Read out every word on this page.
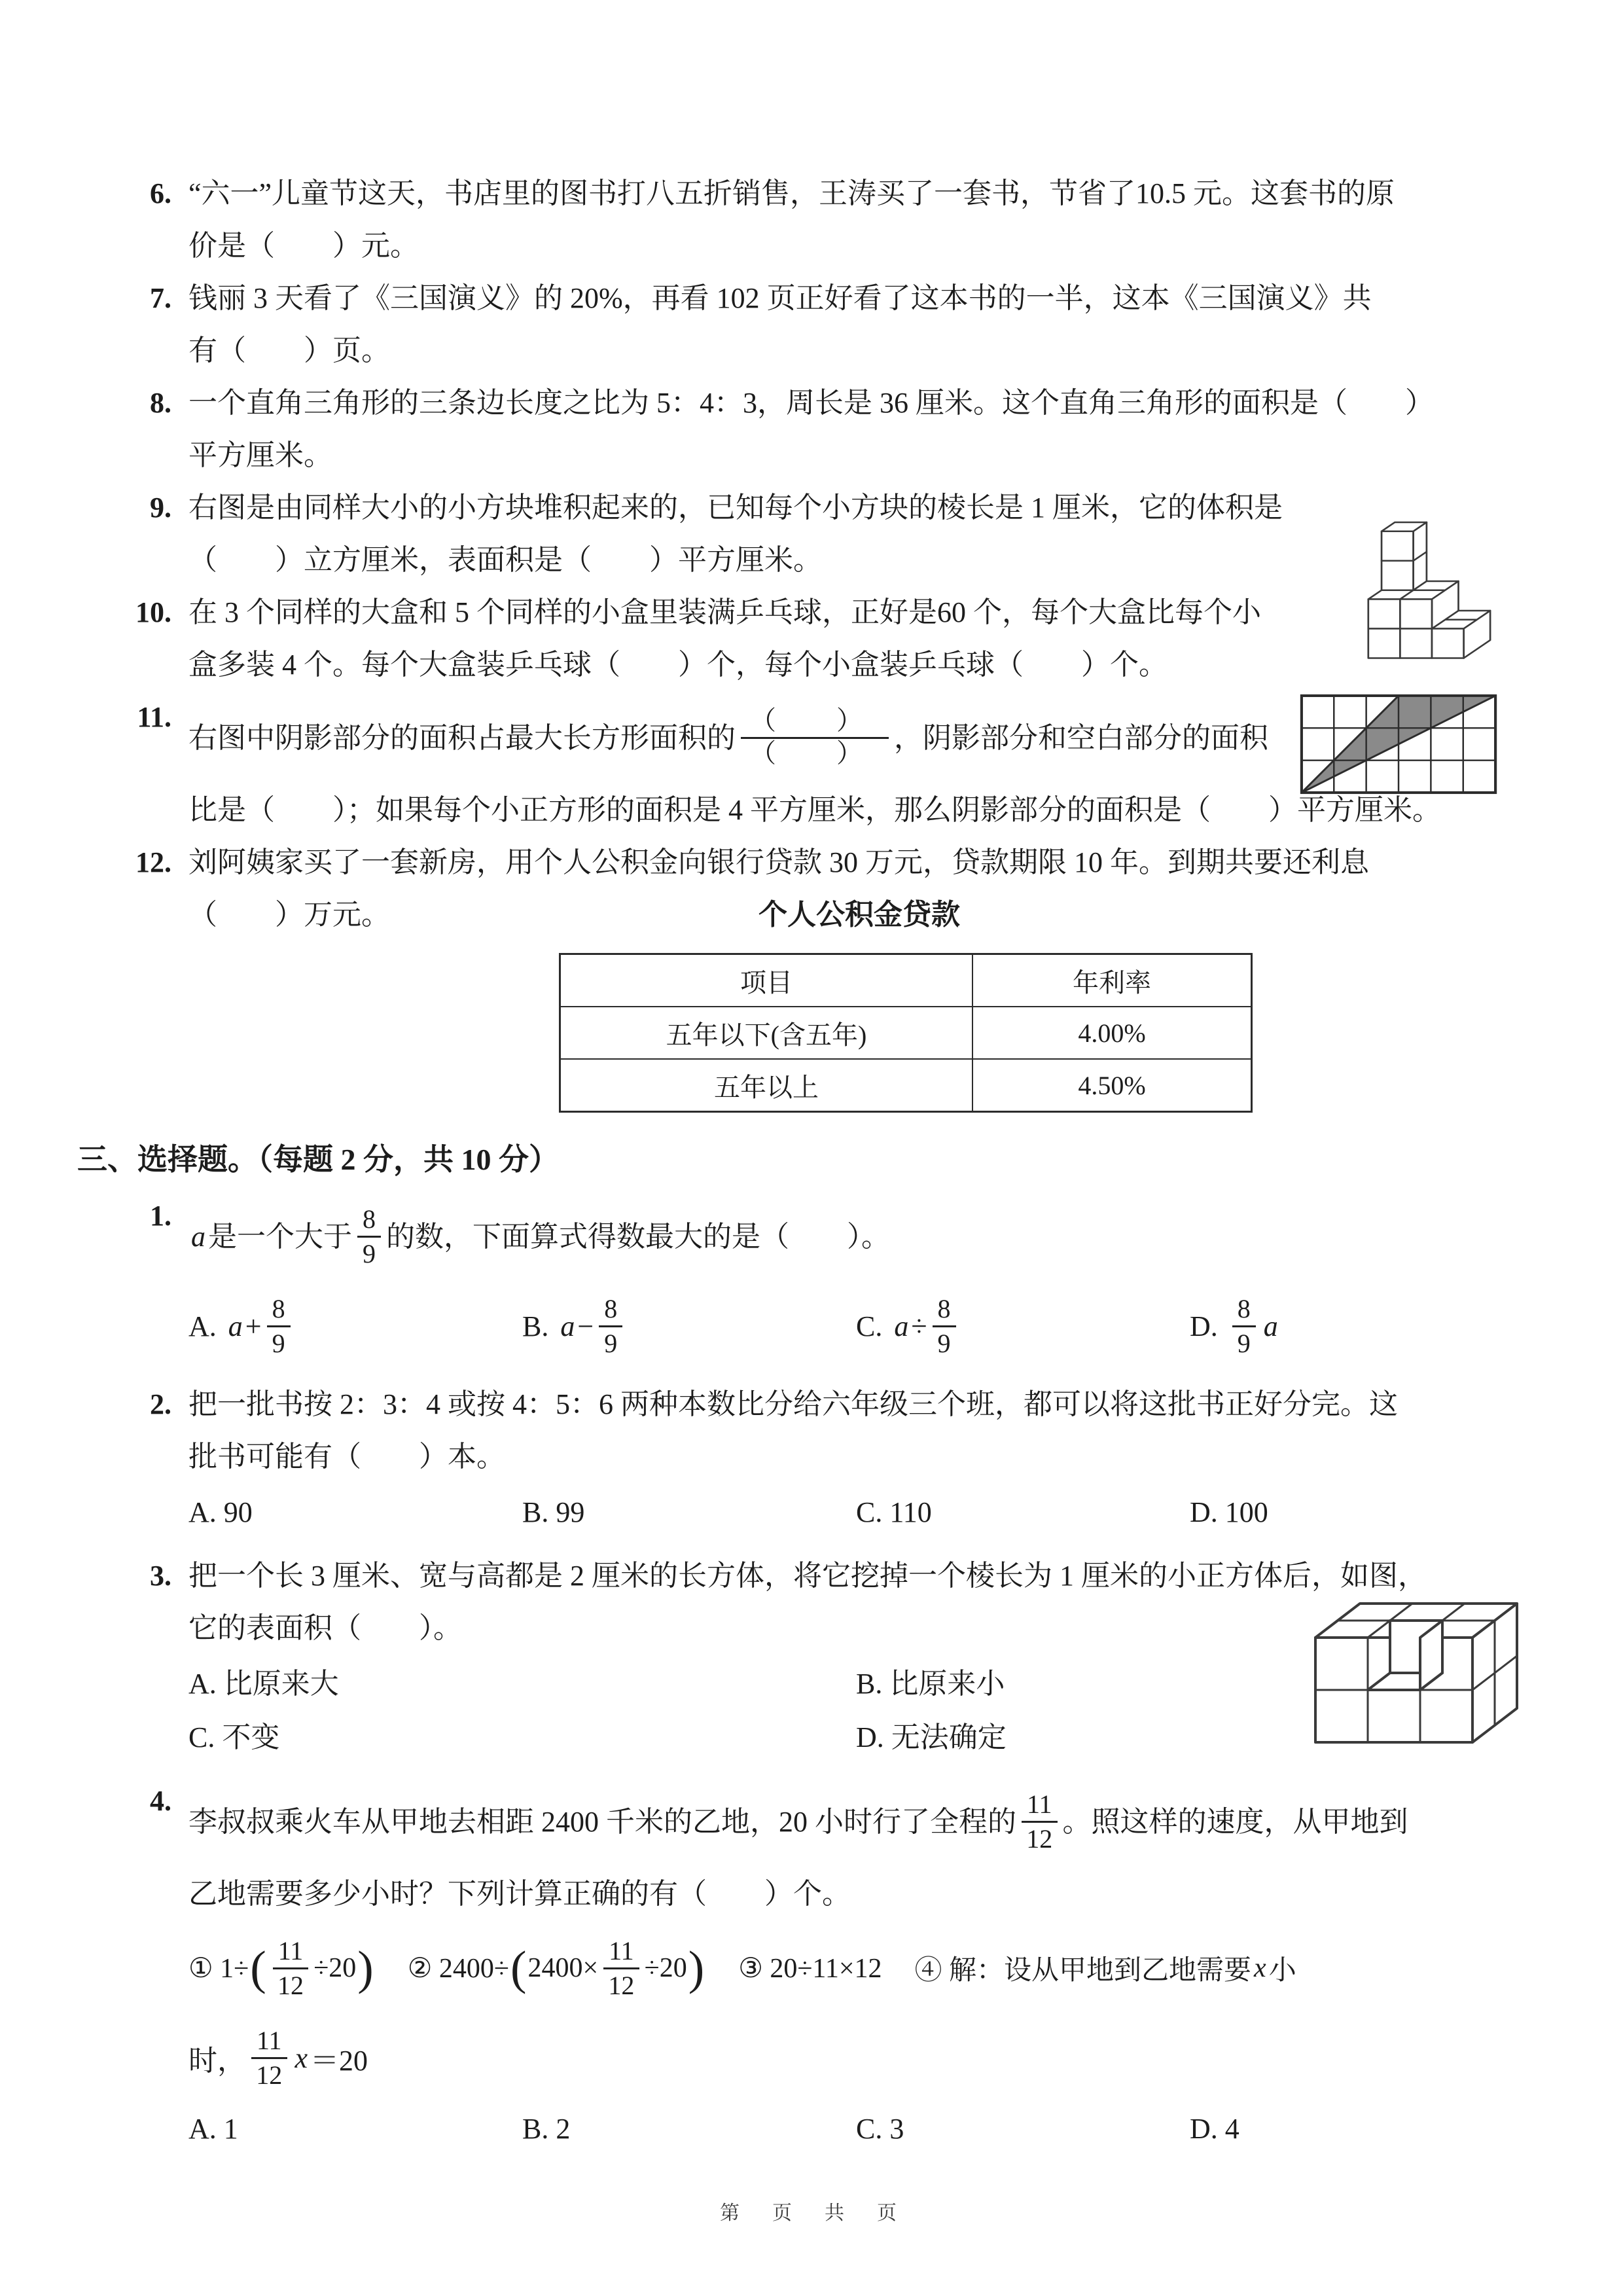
6. “六一”儿童节这天，书店里的图书打八五折销售，王涛买了一套书，节省了10.5 元。这套书的原
价是（　　）元。
7. 钱丽 3 天看了《三国演义》的 20%，再看 102 页正好看了这本书的一半，这本《三国演义》共
有（　　）页。
8. 一个直角三角形的三条边长度之比为 5：4：3，周长是 36 厘米。这个直角三角形的面积是（　　）
平方厘米。
9. 右图是由同样大小的小方块堆积起来的，已知每个小方块的棱长是 1 厘米，它的体积是
（　　）立方厘米，表面积是（　　）平方厘米。
10. 在 3 个同样的大盒和 5 个同样的小盒里装满乒乓球，正好是60 个，每个大盒比每个小
盒多装 4 个。每个大盒装乒乓球（　　）个，每个小盒装乒乓球（　　）个。
11.
右图中阴影部分的面积占最大长方形面积的 $\frac{( )}{( )}$ ，阴影部分和空白部分的面积
比是（　　）；如果每个小正方形的面积是 4 平方厘米，那么阴影部分的面积是（　　）平方厘米。
12. 刘阿姨家买了一套新房，用个人公积金向银行贷款 30 万元，贷款期限 10 年。到期共要还利息
（　　）万元。	个人公积金贷款
项目	年利率
五年以下(含五年)	4.00%
五年以上	4.50%
三、选择题。（每题 2 分，共 10 分）
1.
a 是一个大于 $\frac{8}{9}$ 的数，下面算式得数最大的是（　　）。
A. $a + \frac{8}{9}$	B. $a - \frac{8}{9}$	C. $a \div \frac{8}{9}$	D. $\frac{8}{9}$ a
2. 把一批书按 2：3：4 或按 4：5：6 两种本数比分给六年级三个班，都可以将这批书正好分完。这
批书可能有（　　）本。
A. 90	B. 99	C. 110	D. 100
3. 把一个长 3 厘米、宽与高都是 2 厘米的长方体，将它挖掉一个棱长为 1 厘米的小正方体后，如图，
它的表面积（　　）。
A. 比原来大	B. 比原来小
C. 不变	D. 无法确定
4.
李叔叔乘火车从甲地去相距 2400 千米的乙地，20 小时行了全程的 $\frac{11}{12}$ 。照这样的速度，从甲地到
乙地需要多少小时？下列计算正确的有（　　）个。
① 1÷ ( $\frac{11}{12} \div 20$ ) ② 2400÷ ( $2400\times \frac{11}{12} \div 20$ ) ③ 20÷11×12 ④ 解：设从甲地到乙地需要 x 小
时， $\frac{11}{12}$ x ＝20
A. 1	B. 2	C. 3	D. 4
第　页　共　页
